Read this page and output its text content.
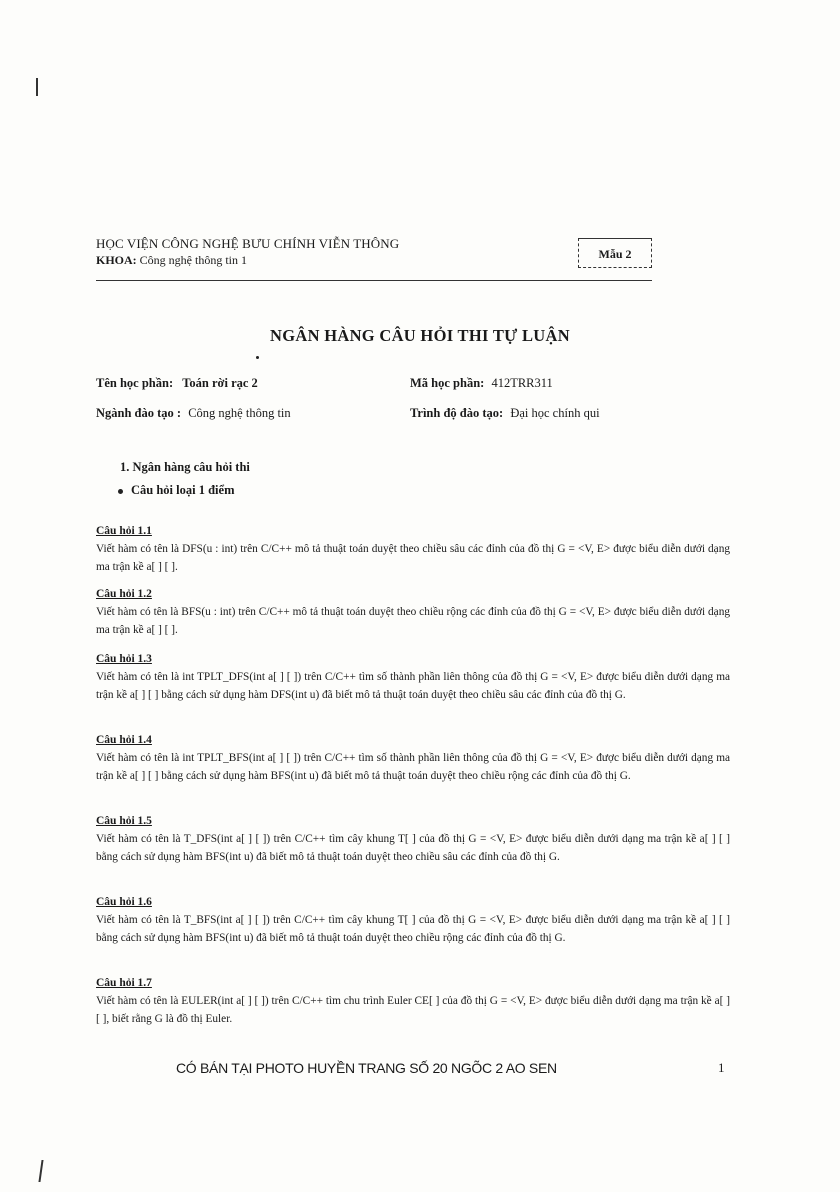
HỌC VIỆN CÔNG NGHỆ BƯU CHÍNH VIỄN THÔNG
KHOA: Công nghệ thông tin 1	Mẫu 2
NGÂN HÀNG CÂU HỎI THI TỰ LUẬN
Tên học phần: Toán rời rạc 2	Mã học phần: 412TRR311
Ngành đào tạo : Công nghệ thông tin	Trình độ đào tạo: Đại học chính qui
1. Ngân hàng câu hỏi thi
Câu hỏi loại 1 điểm
Câu hỏi 1.1
Viết hàm có tên là DFS(u : int) trên C/C++ mô tả thuật toán duyệt theo chiều sâu các đỉnh của đồ thị G = <V, E> được biểu diễn dưới dạng ma trận kề a[ ] [ ].
Câu hỏi 1.2
Viết hàm có tên là BFS(u : int) trên C/C++ mô tả thuật toán duyệt theo chiều rộng các đỉnh của đồ thị G = <V, E> được biểu diễn dưới dạng ma trận kề a[ ] [ ].
Câu hỏi 1.3
Viết hàm có tên là int TPLT_DFS(int a[ ] [ ]) trên C/C++ tìm số thành phần liên thông của đồ thị G = <V, E> được biểu diễn dưới dạng ma trận kề a[ ] [ ] bằng cách sử dụng hàm DFS(int u) đã biết mô tả thuật toán duyệt theo chiều sâu các đỉnh của đồ thị G.
Câu hỏi 1.4
Viết hàm có tên là int TPLT_BFS(int a[ ] [ ]) trên C/C++ tìm số thành phần liên thông của đồ thị G = <V, E> được biểu diễn dưới dạng ma trận kề a[ ] [ ] bằng cách sử dụng hàm BFS(int u) đã biết mô tả thuật toán duyệt theo chiều rộng các đỉnh của đồ thị G.
Câu hỏi 1.5
Viết hàm có tên là T_DFS(int a[ ] [ ]) trên C/C++ tìm cây khung T[ ] của đồ thị G = <V, E> được biểu diễn dưới dạng ma trận kề a[ ] [ ] bằng cách sử dụng hàm BFS(int u) đã biết mô tả thuật toán duyệt theo chiều sâu các đỉnh của đồ thị G.
Câu hỏi 1.6
Viết hàm có tên là T_BFS(int a[ ] [ ]) trên C/C++ tìm cây khung T[ ] của đồ thị G = <V, E> được biểu diễn dưới dạng ma trận kề a[ ] [ ] bằng cách sử dụng hàm BFS(int u) đã biết mô tả thuật toán duyệt theo chiều rộng các đỉnh của đồ thị G.
Câu hỏi 1.7
Viết hàm có tên là EULER(int a[ ] [ ]) trên C/C++ tìm chu trình Euler CE[ ] của đồ thị G = <V, E> được biểu diễn dưới dạng ma trận kề a[ ] [ ], biết rằng G là đồ thị Euler.
CÓ BÁN TẠI PHOTO HUYỀN TRANG SỐ 20 NGÕC 2 AO SEN	1
